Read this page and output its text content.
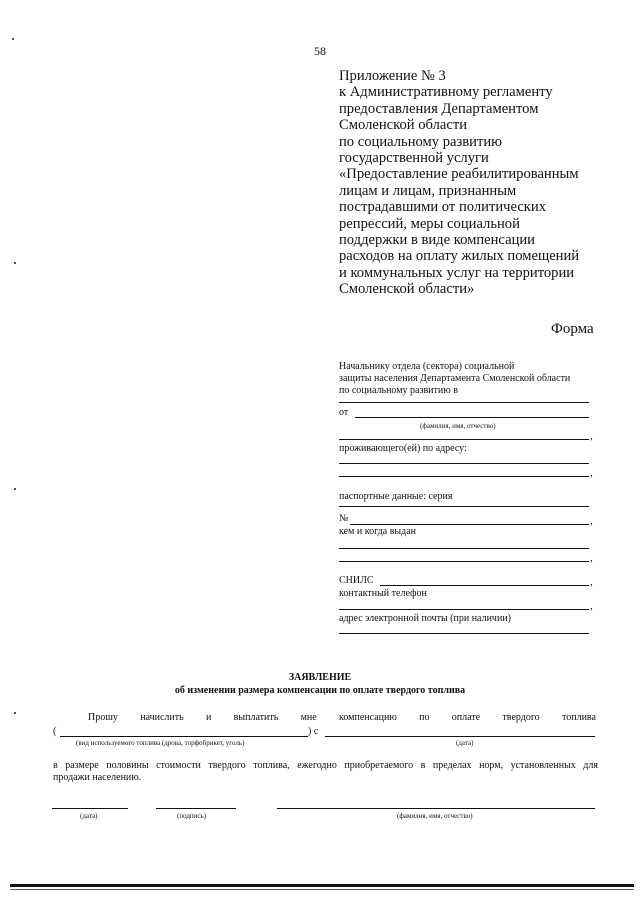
58
Приложение № 3
к Административному регламенту
предоставления Департаментом
Смоленской области
по социальному развитию
государственной услуги
«Предоставление реабилитированным
лицам и лицам, признанным
пострадавшими от политических
репрессий, меры социальной
поддержки в виде компенсации
расходов на оплату жилых помещений
и коммунальных услуг на территории
Смоленской области»
Форма
Начальнику отдела (сектора) социальной
защиты населения Департамента Смоленской области
по социальному развитию в
от
(фамилия, имя, отчество)
,
проживающего(ей) по адресу:
,
паспортные данные: серия
№	,
кем и когда выдан
,
СНИЛС	,
контактный телефон
,
адрес электронной почты (при наличии)
ЗАЯВЛЕНИЕ
об изменении размера компенсации по оплате твердого топлива
Прошу начислить и выплатить мне компенсацию по оплате твердого топлива
(	) с
(вид используемого топлива (дрова, торфобрикет, уголь)	(дата)
в размере половины стоимости твердого топлива, ежегодно приобретаемого в пределах норм, установленных для
продажи населению.
(дата)	(подпись)	(фамилия, имя, отчество)
